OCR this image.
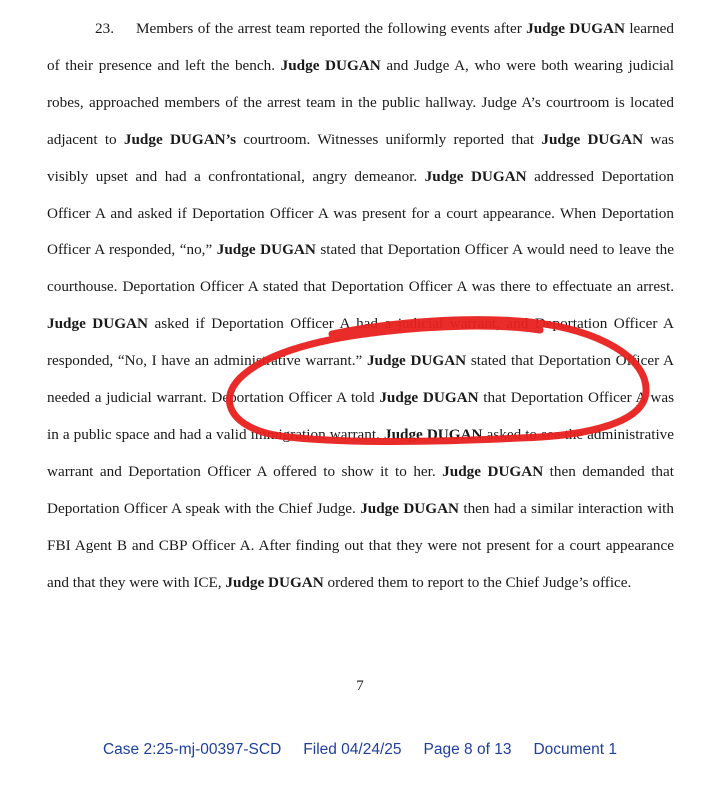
23. Members of the arrest team reported the following events after Judge DUGAN learned of their presence and left the bench. Judge DUGAN and Judge A, who were both wearing judicial robes, approached members of the arrest team in the public hallway. Judge A’s courtroom is located adjacent to Judge DUGAN’s courtroom. Witnesses uniformly reported that Judge DUGAN was visibly upset and had a confrontational, angry demeanor. Judge DUGAN addressed Deportation Officer A and asked if Deportation Officer A was present for a court appearance. When Deportation Officer A responded, “no,” Judge DUGAN stated that Deportation Officer A would need to leave the courthouse. Deportation Officer A stated that Deportation Officer A was there to effectuate an arrest. Judge DUGAN asked if Deportation Officer A had a judicial warrant, and Deportation Officer A responded, “No, I have an administrative warrant.” Judge DUGAN stated that Deportation Officer A needed a judicial warrant. Deportation Officer A told Judge DUGAN that Deportation Officer A was in a public space and had a valid immigration warrant. Judge DUGAN asked to see the administrative warrant and Deportation Officer A offered to show it to her. Judge DUGAN then demanded that Deportation Officer A speak with the Chief Judge. Judge DUGAN then had a similar interaction with FBI Agent B and CBP Officer A. After finding out that they were not present for a court appearance and that they were with ICE, Judge DUGAN ordered them to report to the Chief Judge’s office.

7
Case 2:25-mj-00397-SCD Filed 04/24/25 Page 8 of 13 Document 1
